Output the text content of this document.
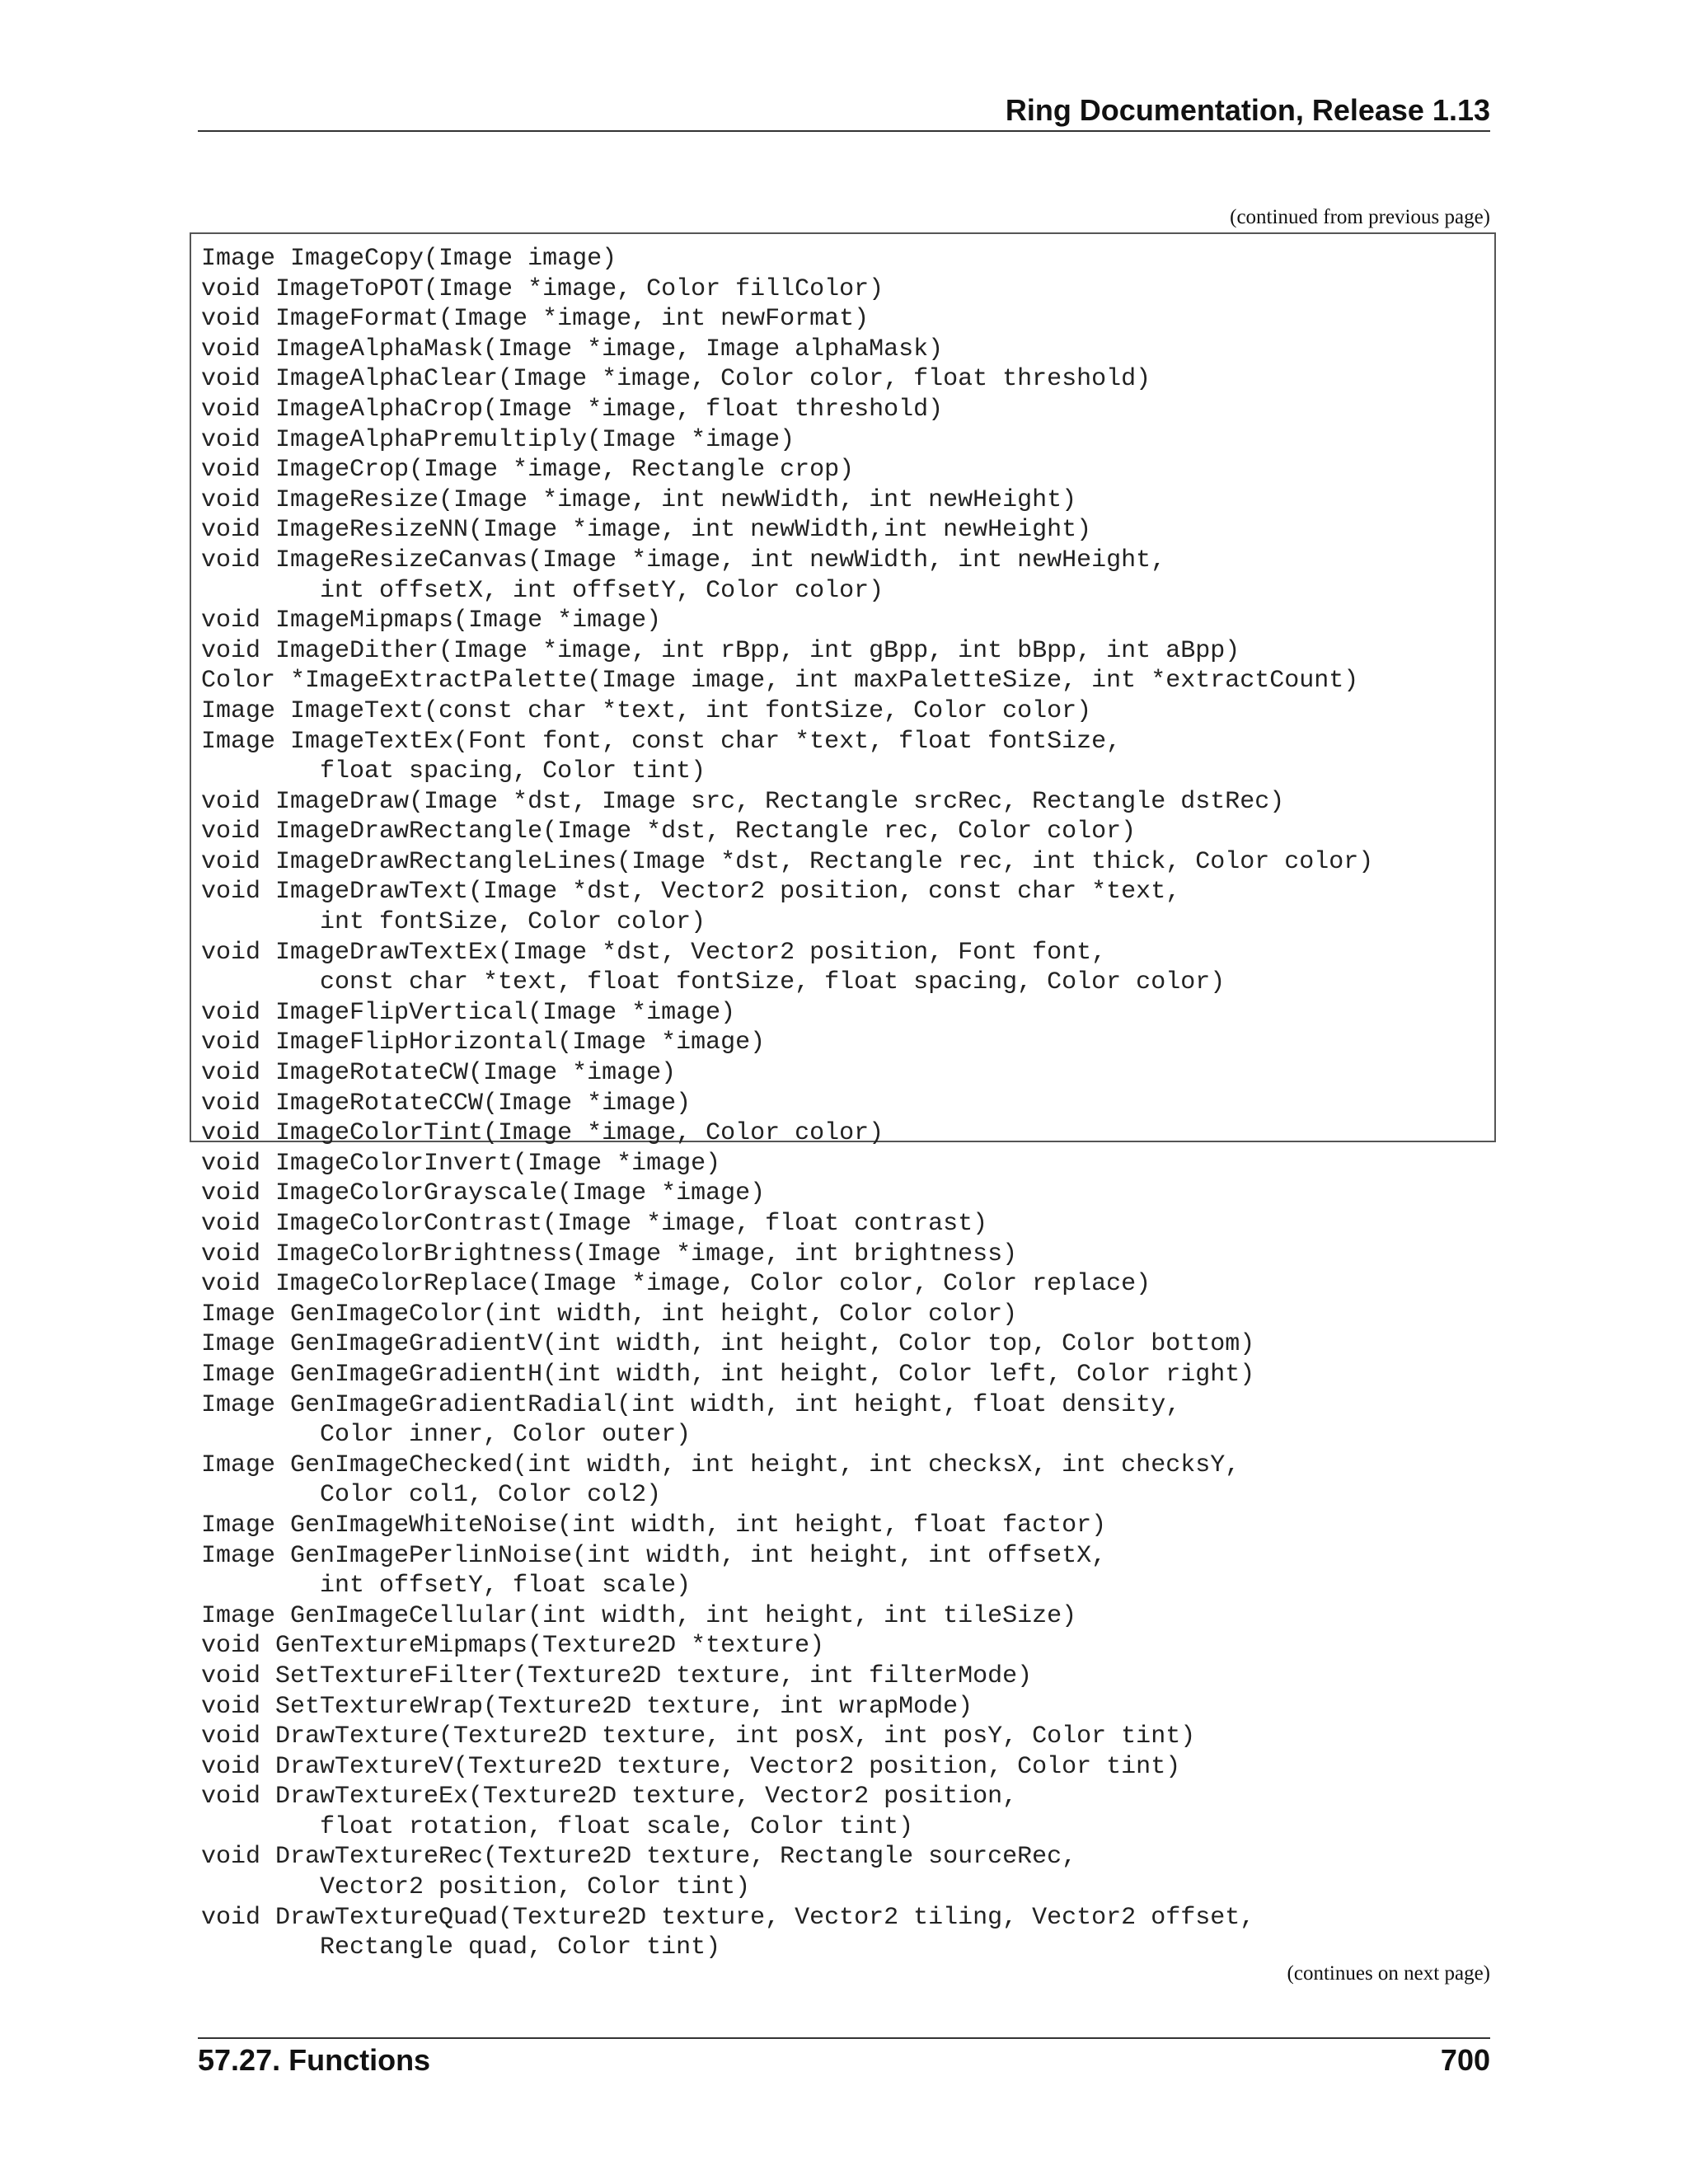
Ring Documentation, Release 1.13
(continued from previous page)
Image ImageCopy(Image image)
void ImageToPOT(Image *image, Color fillColor)
void ImageFormat(Image *image, int newFormat)
void ImageAlphaMask(Image *image, Image alphaMask)
void ImageAlphaClear(Image *image, Color color, float threshold)
void ImageAlphaCrop(Image *image, float threshold)
void ImageAlphaPremultiply(Image *image)
void ImageCrop(Image *image, Rectangle crop)
void ImageResize(Image *image, int newWidth, int newHeight)
void ImageResizeNN(Image *image, int newWidth,int newHeight)
void ImageResizeCanvas(Image *image, int newWidth, int newHeight,
int offsetX, int offsetY, Color color)
void ImageMipmaps(Image *image)
void ImageDither(Image *image, int rBpp, int gBpp, int bBpp, int aBpp)
Color *ImageExtractPalette(Image image, int maxPaletteSize, int *extractCount)
Image ImageText(const char *text, int fontSize, Color color)
Image ImageTextEx(Font font, const char *text, float fontSize,
float spacing, Color tint)
void ImageDraw(Image *dst, Image src, Rectangle srcRec, Rectangle dstRec)
void ImageDrawRectangle(Image *dst, Rectangle rec, Color color)
void ImageDrawRectangleLines(Image *dst, Rectangle rec, int thick, Color color)
void ImageDrawText(Image *dst, Vector2 position, const char *text,
int fontSize, Color color)
void ImageDrawTextEx(Image *dst, Vector2 position, Font font,
const char *text, float fontSize, float spacing, Color color)
void ImageFlipVertical(Image *image)
void ImageFlipHorizontal(Image *image)
void ImageRotateCW(Image *image)
void ImageRotateCCW(Image *image)
void ImageColorTint(Image *image, Color color)
void ImageColorInvert(Image *image)
void ImageColorGrayscale(Image *image)
void ImageColorContrast(Image *image, float contrast)
void ImageColorBrightness(Image *image, int brightness)
void ImageColorReplace(Image *image, Color color, Color replace)
Image GenImageColor(int width, int height, Color color)
Image GenImageGradientV(int width, int height, Color top, Color bottom)
Image GenImageGradientH(int width, int height, Color left, Color right)
Image GenImageGradientRadial(int width, int height, float density,
Color inner, Color outer)
Image GenImageChecked(int width, int height, int checksX, int checksY,
Color col1, Color col2)
Image GenImageWhiteNoise(int width, int height, float factor)
Image GenImagePerlinNoise(int width, int height, int offsetX,
int offsetY, float scale)
Image GenImageCellular(int width, int height, int tileSize)
void GenTextureMipmaps(Texture2D *texture)
void SetTextureFilter(Texture2D texture, int filterMode)
void SetTextureWrap(Texture2D texture, int wrapMode)
void DrawTexture(Texture2D texture, int posX, int posY, Color tint)
void DrawTextureV(Texture2D texture, Vector2 position, Color tint)
void DrawTextureEx(Texture2D texture, Vector2 position,
float rotation, float scale, Color tint)
void DrawTextureRec(Texture2D texture, Rectangle sourceRec,
Vector2 position, Color tint)
void DrawTextureQuad(Texture2D texture, Vector2 tiling, Vector2 offset,
Rectangle quad, Color tint)
(continues on next page)
57.27. Functions	700
